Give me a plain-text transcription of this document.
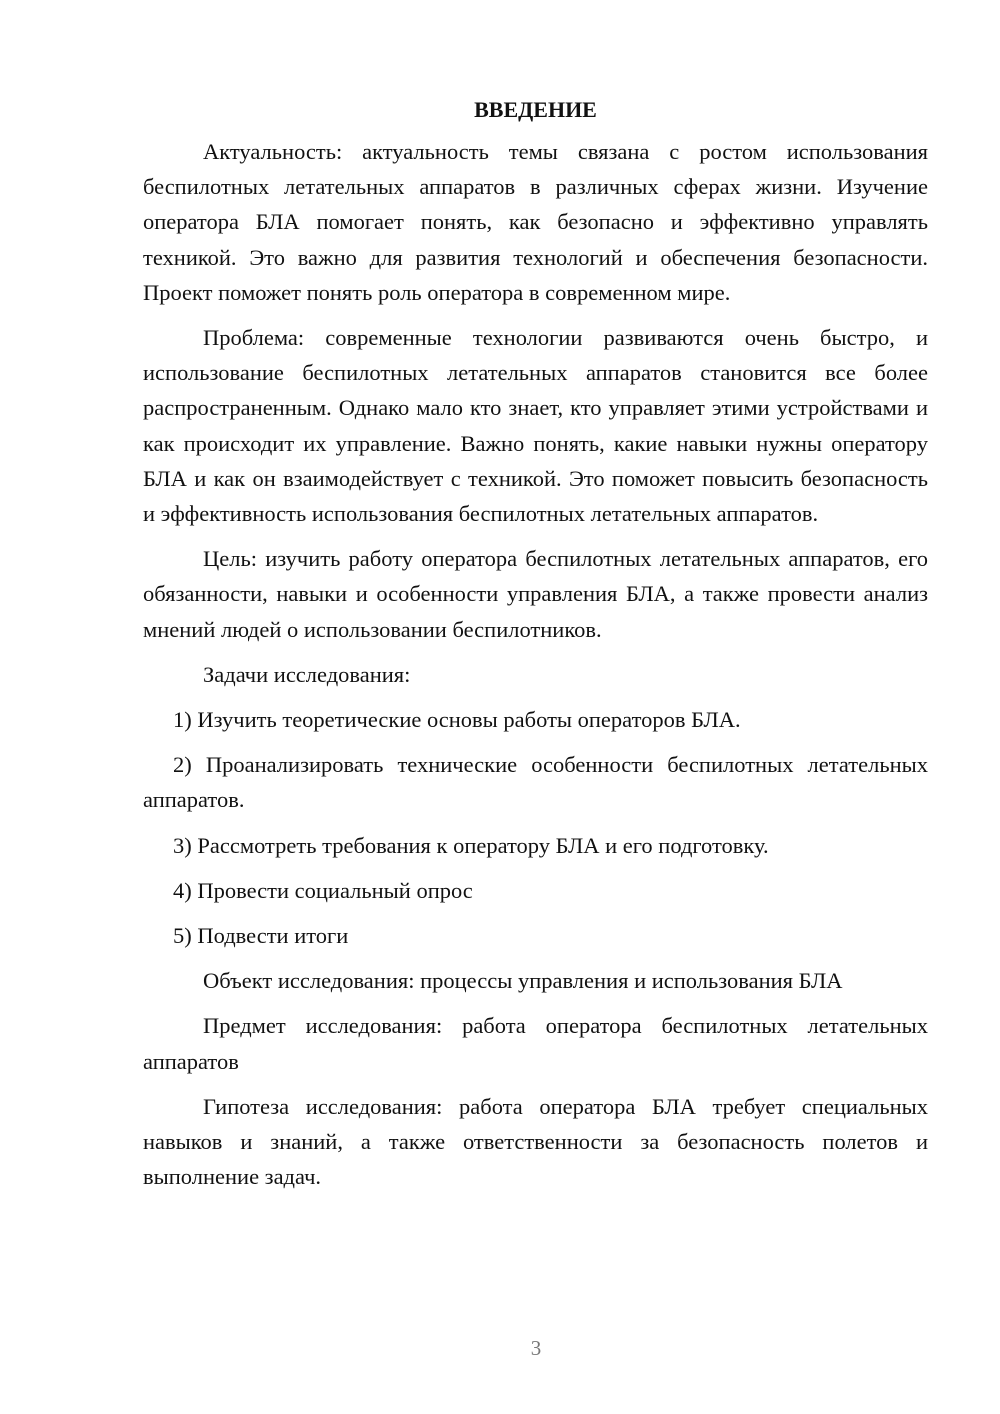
ВВЕДЕНИЕ

Актуальность: актуальность темы связана с ростом использования беспилотных летательных аппаратов в различных сферах жизни. Изучение оператора БЛА помогает понять, как безопасно и эффективно управлять техникой. Это важно для развития технологий и обеспечения безопасности. Проект поможет понять роль оператора в современном мире.

Проблема: современные технологии развиваются очень быстро, и использование беспилотных летательных аппаратов становится все более распространенным. Однако мало кто знает, кто управляет этими устройствами и как происходит их управление. Важно понять, какие навыки нужны оператору БЛА и как он взаимодействует с техникой. Это поможет повысить безопасность и эффективность использования беспилотных летательных аппаратов.

Цель: изучить работу оператора беспилотных летательных аппаратов, его обязанности, навыки и особенности управления БЛА, а также провести анализ мнений людей о использовании беспилотников.

Задачи исследования:

1) Изучить теоретические основы работы операторов БЛА.

2) Проанализировать технические особенности беспилотных летательных аппаратов.

3) Рассмотреть требования к оператору БЛА и его подготовку.

4) Провести социальный опрос

5) Подвести итоги

Объект исследования: процессы управления и использования БЛА

Предмет исследования: работа оператора беспилотных летательных аппаратов

Гипотеза исследования: работа оператора БЛА требует специальных навыков и знаний, а также ответственности за безопасность полетов и выполнение задач.

3
